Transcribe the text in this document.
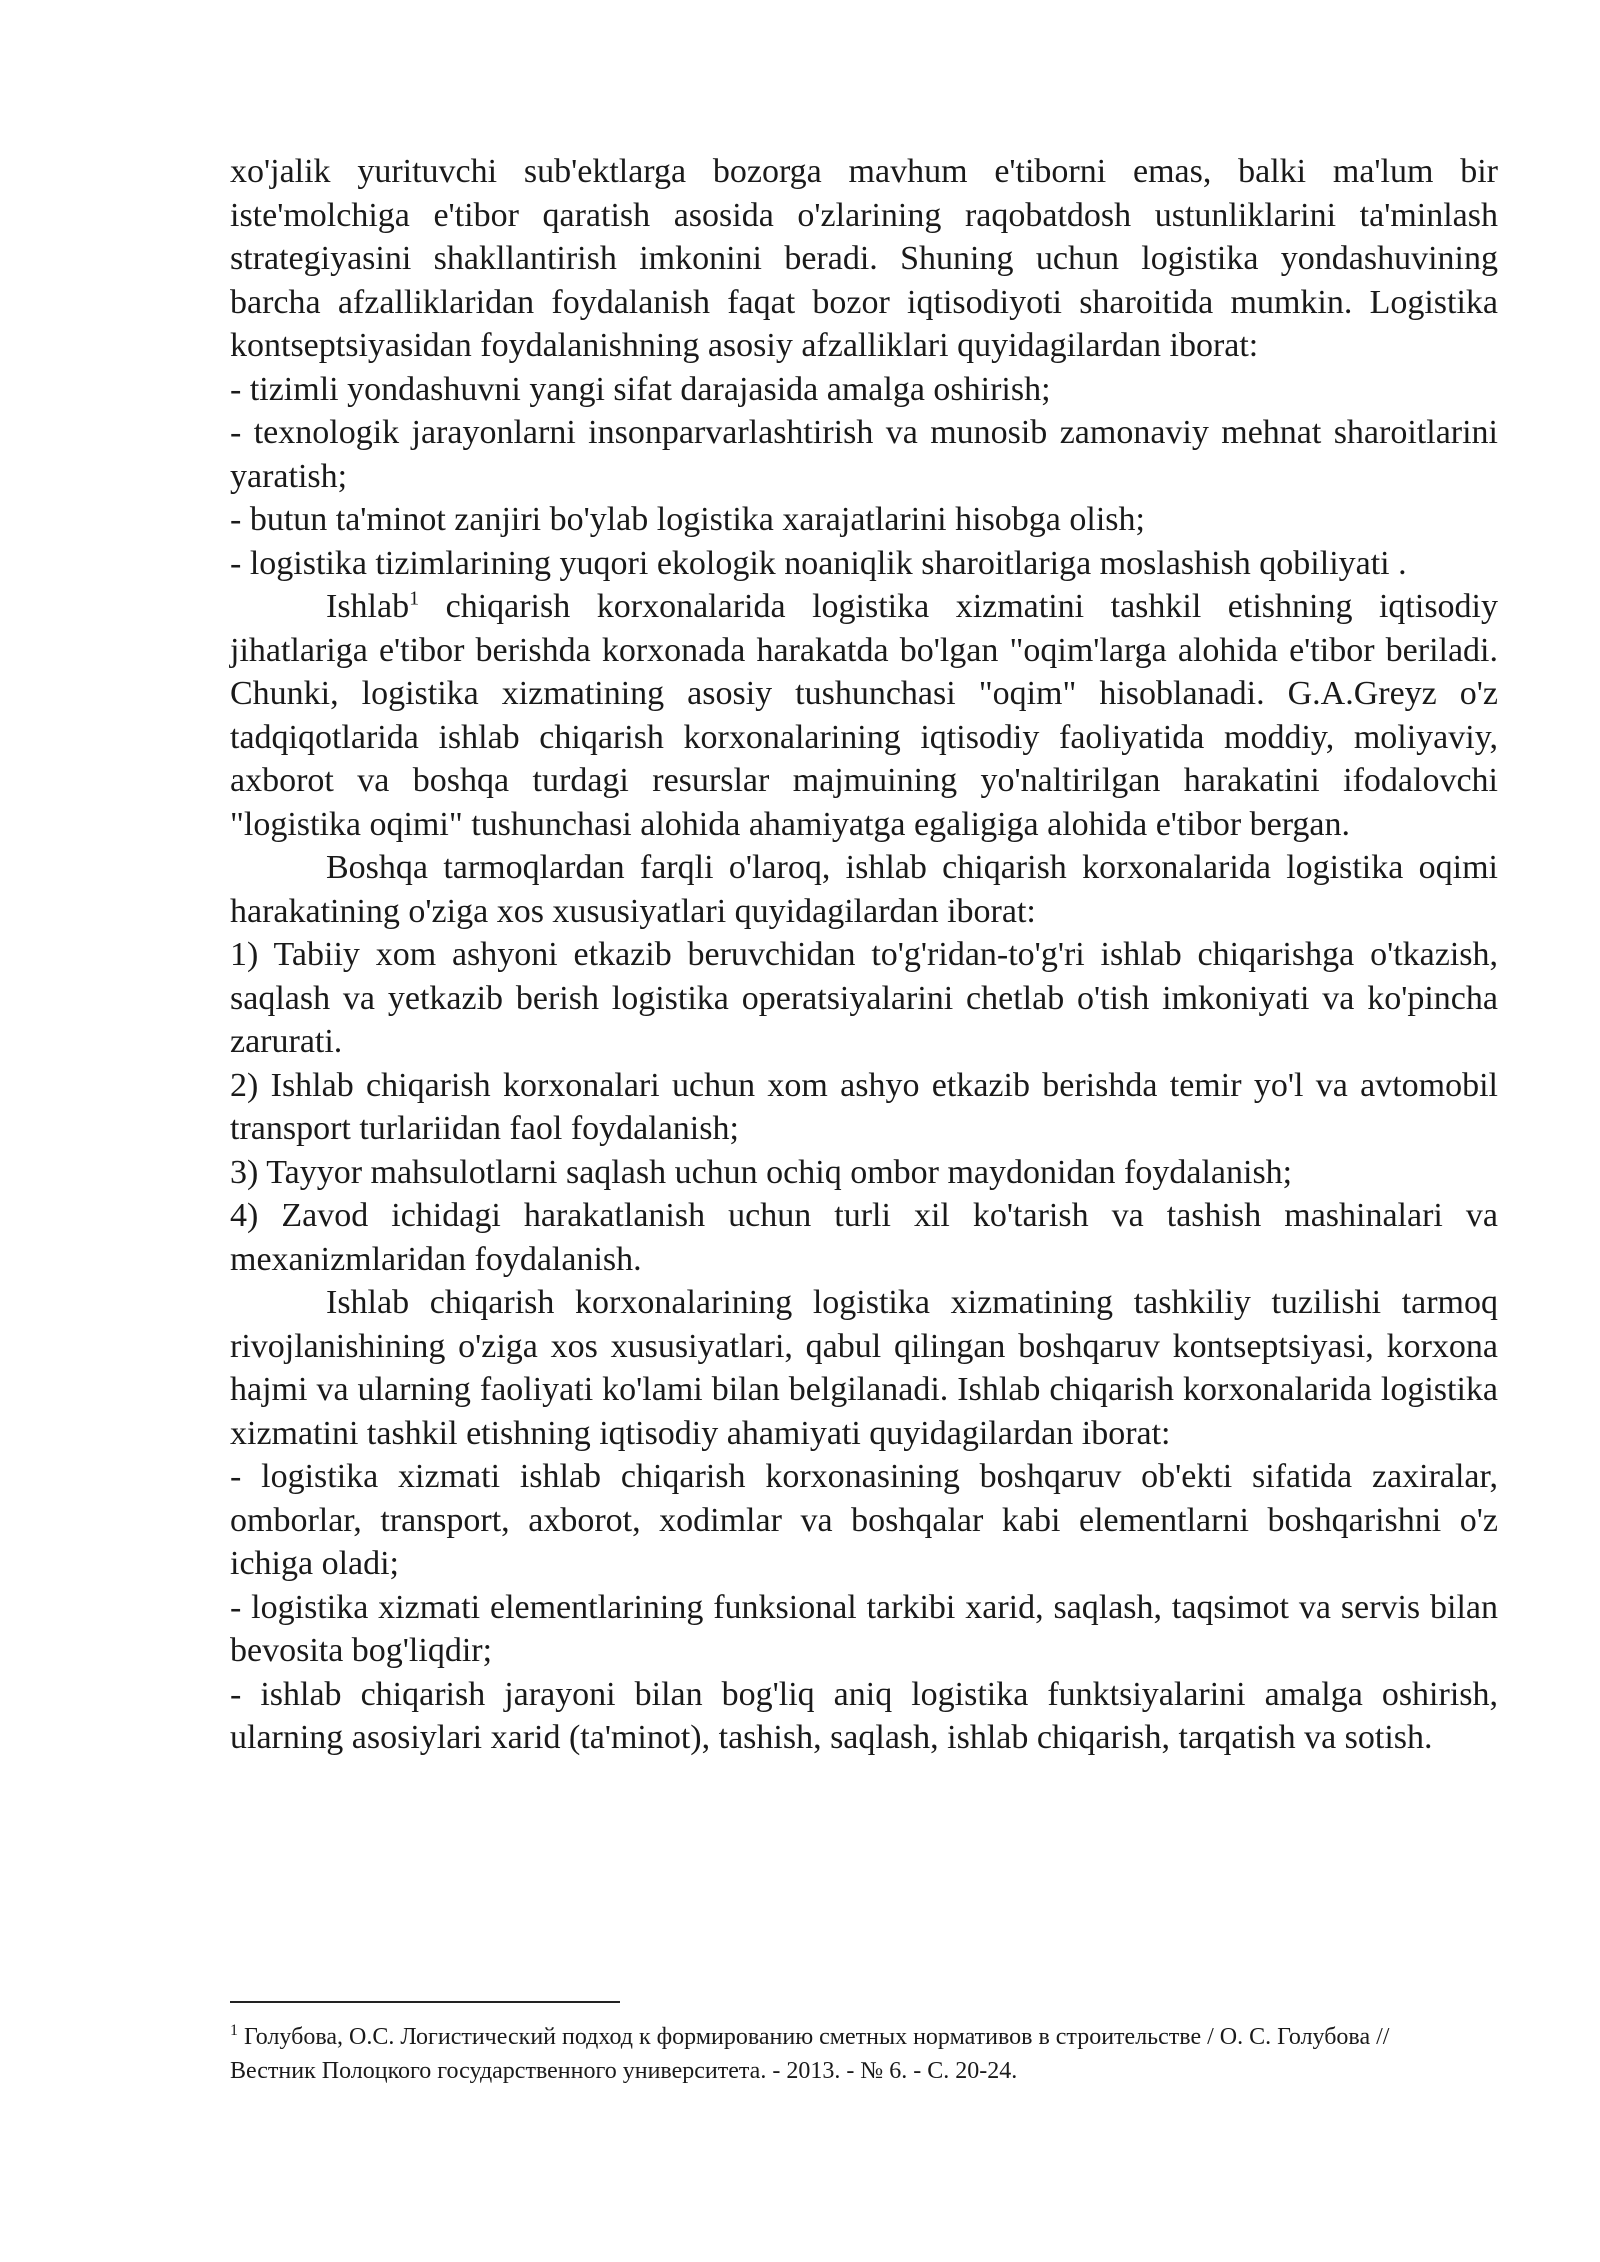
xo'jalik yurituvchi sub'ektlarga bozorga mavhum e'tiborni emas, balki ma'lum bir iste'molchiga e'tibor qaratish asosida o'zlarining raqobatdosh ustunliklarini ta'minlash strategiyasini shakllantirish imkonini beradi. Shuning uchun logistika yondashuvining barcha afzalliklaridan foydalanish faqat bozor iqtisodiyoti sharoitida mumkin. Logistika kontseptsiyasidan foydalanishning asosiy afzalliklari quyidagilardan iborat:

- tizimli yondashuvni yangi sifat darajasida amalga oshirish;

- texnologik jarayonlarni insonparvarlashtirish va munosib zamonaviy mehnat sharoitlarini yaratish;

- butun ta'minot zanjiri bo'ylab logistika xarajatlarini hisobga olish;

- logistika tizimlarining yuqori ekologik noaniqlik sharoitlariga moslashish qobiliyati .

Ishlab$^1$ chiqarish korxonalarida logistika xizmatini tashkil etishning iqtisodiy jihatlariga e'tibor berishda korxonada harakatda bo'lgan "oqim'larga alohida e'tibor beriladi. Chunki, logistika xizmatining asosiy tushunchasi "oqim" hisoblanadi. G.A.Greyz o'z tadqiqotlarida ishlab chiqarish korxonalarining iqtisodiy faoliyatida moddiy, moliyaviy, axborot va boshqa turdagi resurslar majmuining yo'naltirilgan harakatini ifodalovchi "logistika oqimi" tushunchasi alohida ahamiyatga egaligiga alohida e'tibor bergan.

Boshqa tarmoqlardan farqli o'laroq, ishlab chiqarish korxonalarida logistika oqimi harakatining o'ziga xos xususiyatlari quyidagilardan iborat:

1) Tabiiy xom ashyoni etkazib beruvchidan to'g'ridan-to'g'ri ishlab chiqarishga o'tkazish, saqlash va yetkazib berish logistika operatsiyalarini chetlab o'tish imkoniyati va ko'pincha zarurati.

2) Ishlab chiqarish korxonalari uchun xom ashyo etkazib berishda temir yo'l va avtomobil transport turlariidan faol foydalanish;

3) Tayyor mahsulotlarni saqlash uchun ochiq ombor maydonidan foydalanish;

4) Zavod ichidagi harakatlanish uchun turli xil ko'tarish va tashish mashinalari va mexanizmlaridan foydalanish.

Ishlab chiqarish korxonalarining logistika xizmatining tashkiliy tuzilishi tarmoq rivojlanishining o'ziga xos xususiyatlari, qabul qilingan boshqaruv kontseptsiyasi, korxona hajmi va ularning faoliyati ko'lami bilan belgilanadi. Ishlab chiqarish korxonalarida logistika xizmatini tashkil etishning iqtisodiy ahamiyati quyidagilardan iborat:

- logistika xizmati ishlab chiqarish korxonasining boshqaruv ob'ekti sifatida zaxiralar, omborlar, transport, axborot, xodimlar va boshqalar kabi elementlarni boshqarishni o'z ichiga oladi;

- logistika xizmati elementlarining funksional tarkibi xarid, saqlash, taqsimot va servis bilan bevosita bog'liqdir;

- ishlab chiqarish jarayoni bilan bog'liq aniq logistika funktsiyalarini amalga oshirish, ularning asosiylari xarid (ta'minot), tashish, saqlash, ishlab chiqarish, tarqatish va sotish.

$^1$ Голубова, О.С. Логистический подход к формированию сметных нормативов в строительстве / О. С. Голубова // Вестник Полоцкого государственного университета. - 2013. - № 6. - С. 20-24.
